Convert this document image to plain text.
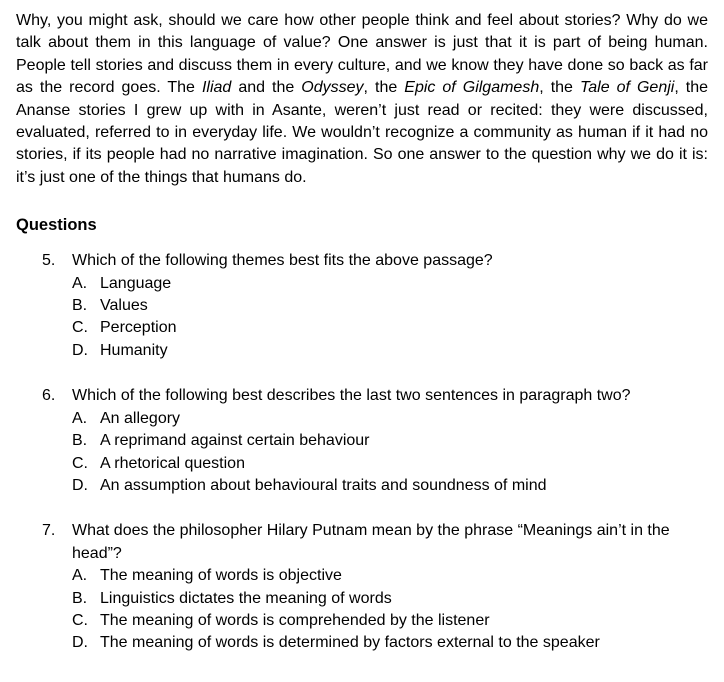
Why, you might ask, should we care how other people think and feel about stories? Why do we talk about them in this language of value? One answer is just that it is part of being human. People tell stories and discuss them in every culture, and we know they have done so back as far as the record goes. The Iliad and the Odyssey, the Epic of Gilgamesh, the Tale of Genji, the Ananse stories I grew up with in Asante, weren’t just read or recited: they were discussed, evaluated, referred to in everyday life. We wouldn’t recognize a community as human if it had no stories, if its people had no narrative imagination. So one answer to the question why we do it is: it’s just one of the things that humans do.

Questions
5. Which of the following themes best fits the above passage?
A. Language
B. Values
C. Perception
D. Humanity
6. Which of the following best describes the last two sentences in paragraph two?
A. An allegory
B. A reprimand against certain behaviour
C. A rhetorical question
D. An assumption about behavioural traits and soundness of mind
7. What does the philosopher Hilary Putnam mean by the phrase “Meanings ain’t in the head”?
A. The meaning of words is objective
B. Linguistics dictates the meaning of words
C. The meaning of words is comprehended by the listener
D. The meaning of words is determined by factors external to the speaker
